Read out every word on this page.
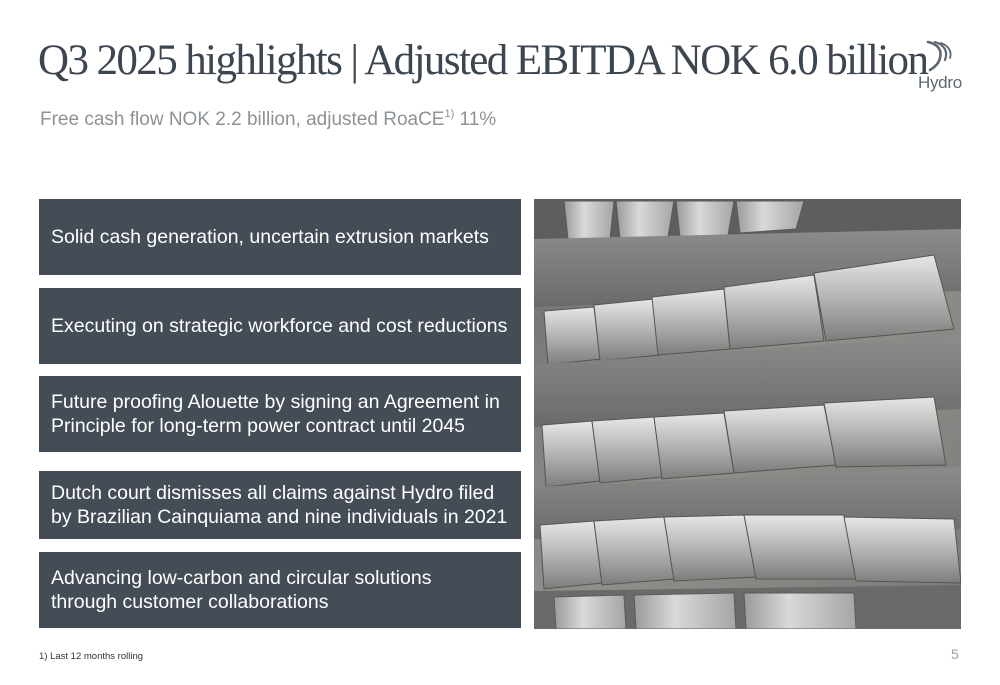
Q3 2025 highlights | Adjusted EBITDA NOK 6.0 billion
Free cash flow NOK 2.2 billion, adjusted RoaCE$^{1)}$ 11%
Hydro
Solid cash generation, uncertain extrusion markets
Executing on strategic workforce and cost reductions
Future proofing Alouette by signing an Agreement in Principle for long-term power contract until 2045
Dutch court dismisses all claims against Hydro filed by Brazilian Cainquiama and nine individuals in 2021
Advancing low-carbon and circular solutions through customer collaborations
1) Last 12 months rolling	5
